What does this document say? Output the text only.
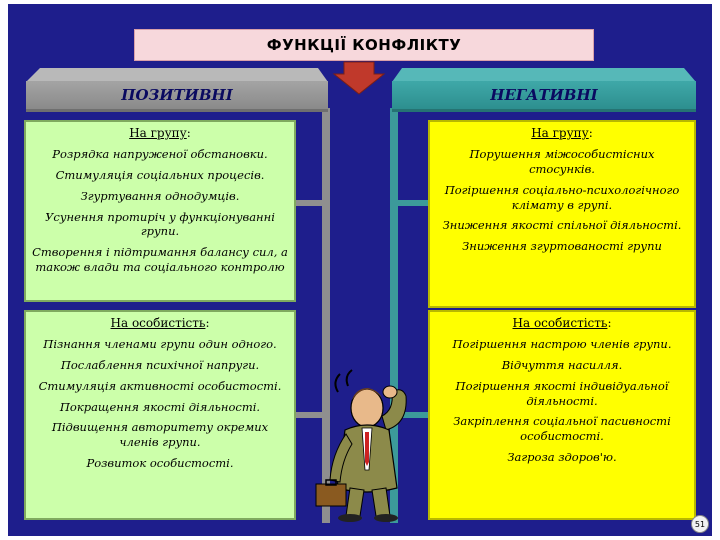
ФУНКЦІЇ КОНФЛІКТУ
ПОЗИТИВНІ	НЕГАТИВНІ

На групу:

Розрядка напруженої обстановки.

Стимуляція соціальних процесів.

Згуртування однодумців.

Усунення протиріч у функціонуванні групи.

Створення і підтримання балансу сил, а також влади та соціального контролю

На групу:

Порушення міжособистісних стосунків.

Погіршення соціально-психологічного клімату в групі.

Зниження якості спільної діяльності.

Зниження згуртованості групи

На особистість:

Пізнання членами групи один одного.

Послаблення психічної напруги.

Стимуляція активності особистості.

Покращення якості діяльності.

Підвищення авторитету окремих членів групи.

Розвиток особистості.

На особистість:

Погіршення настрою членів групи.

Відчуття насилля.

Погіршення якості індивідуальної діяльності.

Закріплення соціальної пасивності особистості.

Загроза здоров'ю.

51
